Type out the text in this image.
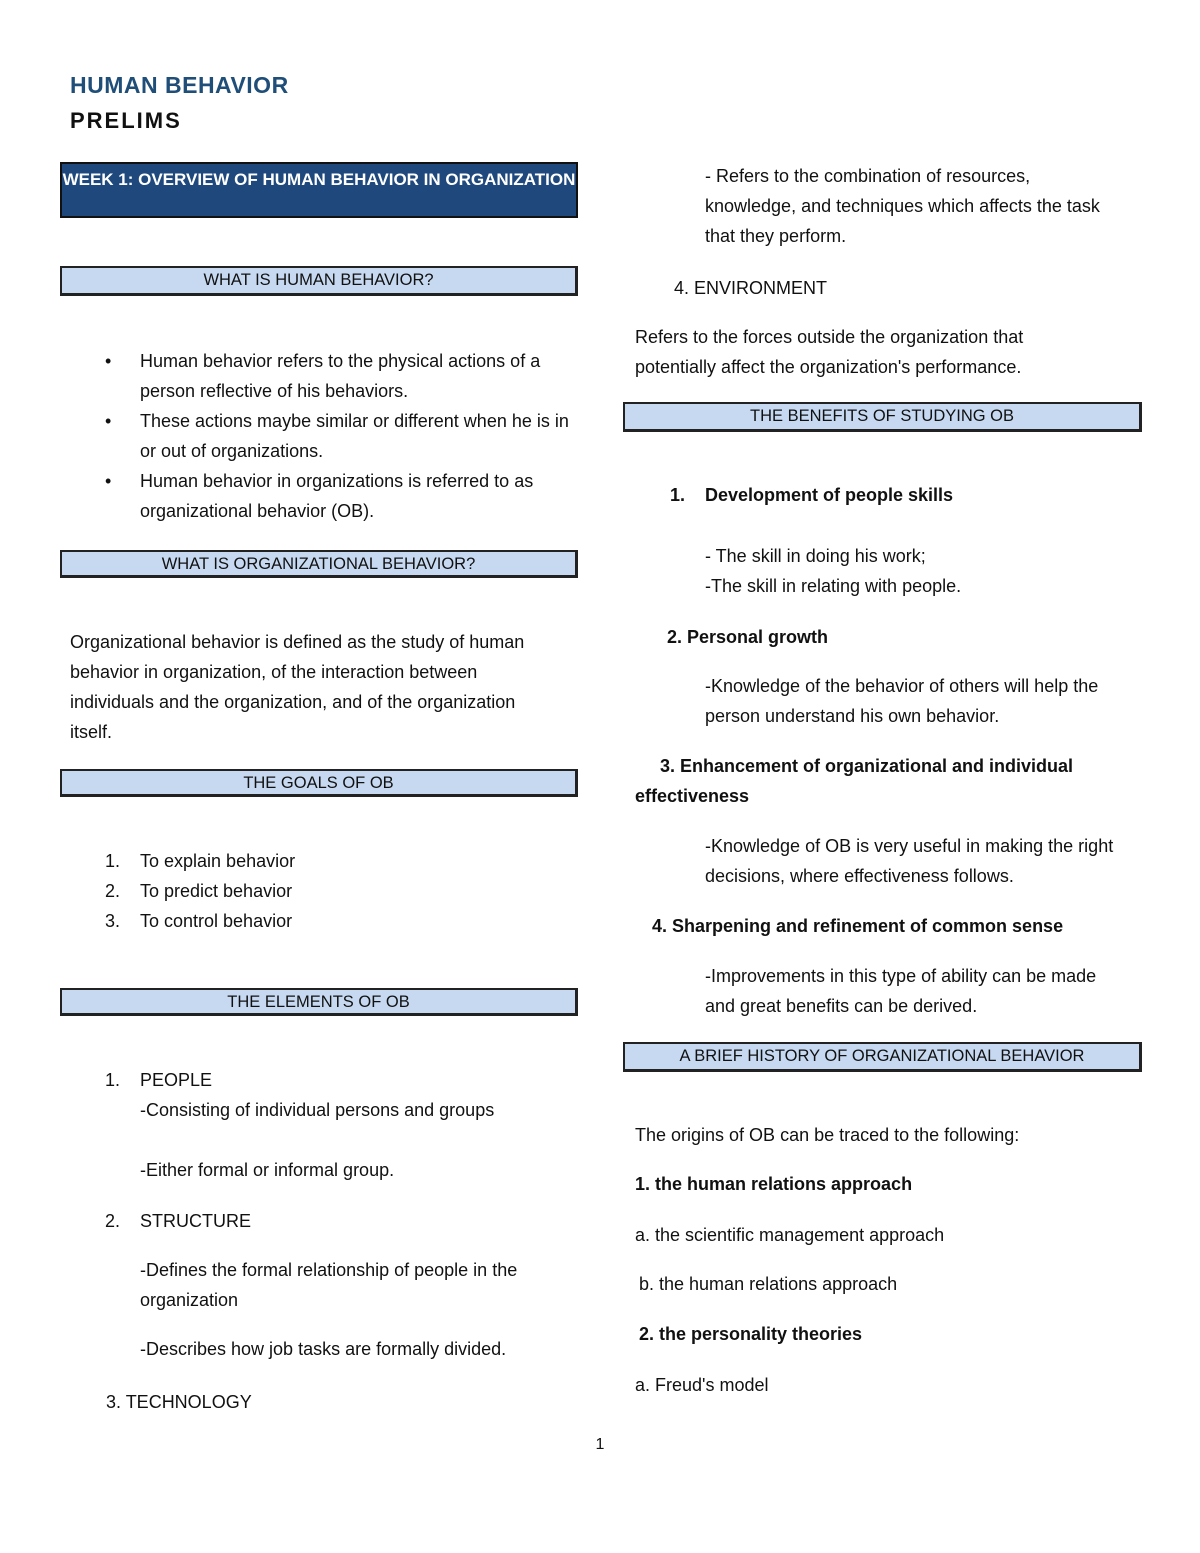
HUMAN BEHAVIOR
PRELIMS
WEEK 1: OVERVIEW OF HUMAN BEHAVIOR IN ORGANIZATION
WHAT IS HUMAN BEHAVIOR?
• Human behavior refers to the physical actions of a person reflective of his behaviors.
• These actions maybe similar or different when he is in or out of organizations.
• Human behavior in organizations is referred to as organizational behavior (OB).
WHAT IS ORGANIZATIONAL BEHAVIOR?
Organizational behavior is defined as the study of human behavior in organization, of the interaction between individuals and the organization, and of the organization itself.
THE GOALS OF OB
1.	To explain behavior
2.	To predict behavior
3.	To control behavior
THE ELEMENTS OF OB
1.	PEOPLE
-Consisting of individual persons and groups
-Either formal or informal group.
2.	STRUCTURE
-Defines the formal relationship of people in the organization
-Describes how job tasks are formally divided.
3. TECHNOLOGY
- Refers to the combination of resources, knowledge, and techniques which affects the task that they perform.
4. ENVIRONMENT
Refers to the forces outside the organization that potentially affect the organization's performance.
THE BENEFITS OF STUDYING OB
1.	Development of people skills
- The skill in doing his work;
-The skill in relating with people.
2. Personal growth
-Knowledge of the behavior of others will help the person understand his own behavior.
3. Enhancement of organizational and individual effectiveness
-Knowledge of OB is very useful in making the right decisions, where effectiveness follows.
4. Sharpening and refinement of common sense
-Improvements in this type of ability can be made and great benefits can be derived.
A BRIEF HISTORY OF ORGANIZATIONAL BEHAVIOR
The origins of OB can be traced to the following:
1. the human relations approach
a. the scientific management approach
b. the human relations approach
2. the personality theories
a. Freud's model
1
